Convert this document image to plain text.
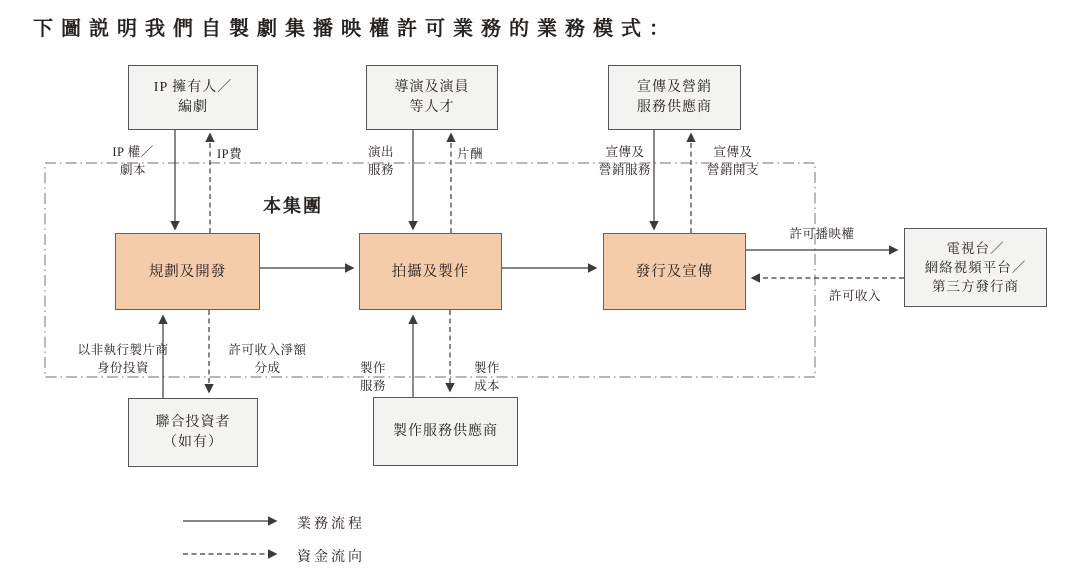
下圖説明我們自製劇集播映權許可業務的業務模式：
本集團
IP 擁有人／
編劇
導演及演員
等人才
宣傳及營銷
服務供應商
規劃及開發	拍攝及製作	發行及宣傳
電視台／
網絡視頻平台／
第三方發行商
聯合投資者
（如有）
製作服務供應商
IP 權／
劇本
IP費	演出
服務
片酬	宣傳及
營銷服務
宣傳及
營銷開支
許可播映權
許可收入
以非執行製片商
身份投資
許可收入淨額
分成	製作
服務
製作
成本
業務流程
資金流向
